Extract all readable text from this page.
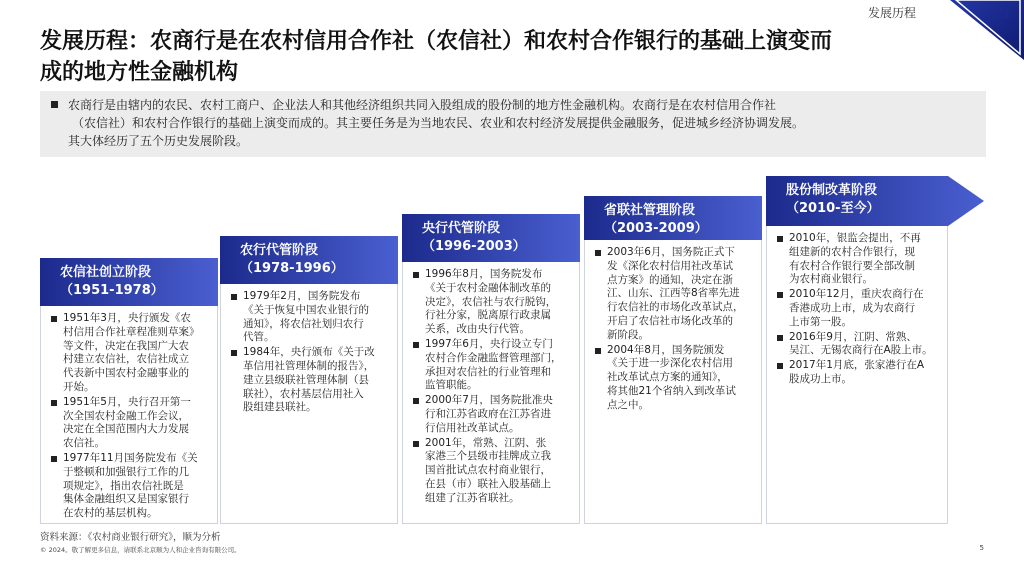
发展历程	1.1
发展历程：农商行是在农村信用合作社（农信社）和农村合作银行的基础上演变而
成的地方性金融机构
农商行是由辖内的农民、农村工商户、企业法人和其他经济组织共同入股组成的股份制的地方性金融机构。农商行是在农村信用合作社
（农信社）和农村合作银行的基础上演变而成的。其主要任务是为当地农民、农业和农村经济发展提供金融服务，促进城乡经济协调发展。
其大体经历了五个历史发展阶段。
农信社创立阶段
（1951-1978）
1951年3月，央行颁发《农
村信用合作社章程准则草案》
等文件，决定在我国广大农
村建立农信社，农信社成立
代表新中国农村金融事业的
开始。
1951年5月，央行召开第一
次全国农村金融工作会议，
决定在全国范围内大力发展
农信社。
1977年11月国务院发布《关
于整顿和加强银行工作的几
项规定》，指出农信社既是
集体金融组织又是国家银行
在农村的基层机构。
农行代管阶段
（1978-1996）
1979年2月，国务院发布
《关于恢复中国农业银行的
通知》，将农信社划归农行
代管。
1984年，央行颁布《关于改
革信用社管理体制的报告》，
建立县级联社管理体制（县
联社），农村基层信用社入
股组建县联社。
央行代管阶段
（1996-2003）
1996年8月，国务院发布
《关于农村金融体制改革的
决定》，农信社与农行脱钩，
行社分家，脱离原行政隶属
关系，改由央行代管。
1997年6月，央行设立专门
农村合作金融监督管理部门，
承担对农信社的行业管理和
监管职能。
2000年7月，国务院批准央
行和江苏省政府在江苏省进
行信用社改革试点。
2001年，常熟、江阴、张
家港三个县级市挂牌成立我
国首批试点农村商业银行，
在县（市）联社入股基础上
组建了江苏省联社。
省联社管理阶段
（2003-2009）
2003年6月，国务院正式下
发《深化农村信用社改革试
点方案》的通知，决定在浙
江、山东、江西等8省率先进
行农信社的市场化改革试点，
开启了农信社市场化改革的
新阶段。
2004年8月，国务院颁发
《关于进一步深化农村信用
社改革试点方案的通知》，
将其他21个省纳入到改革试
点之中。
股份制改革阶段
（2010-至今）
2010年，银监会提出，不再
组建新的农村合作银行，现
有农村合作银行要全部改制
为农村商业银行。
2010年12月，重庆农商行在
香港成功上市，成为农商行
上市第一股。
2016年9月，江阴、常熟、
吴江、无锡农商行在A股上市。
2017年1月底，张家港行在A
股成功上市。
资料来源：《农村商业银行研究》，顺为分析
© 2024。敬了解更多信息，请联系北京顺为人和企业咨询有限公司。	5
